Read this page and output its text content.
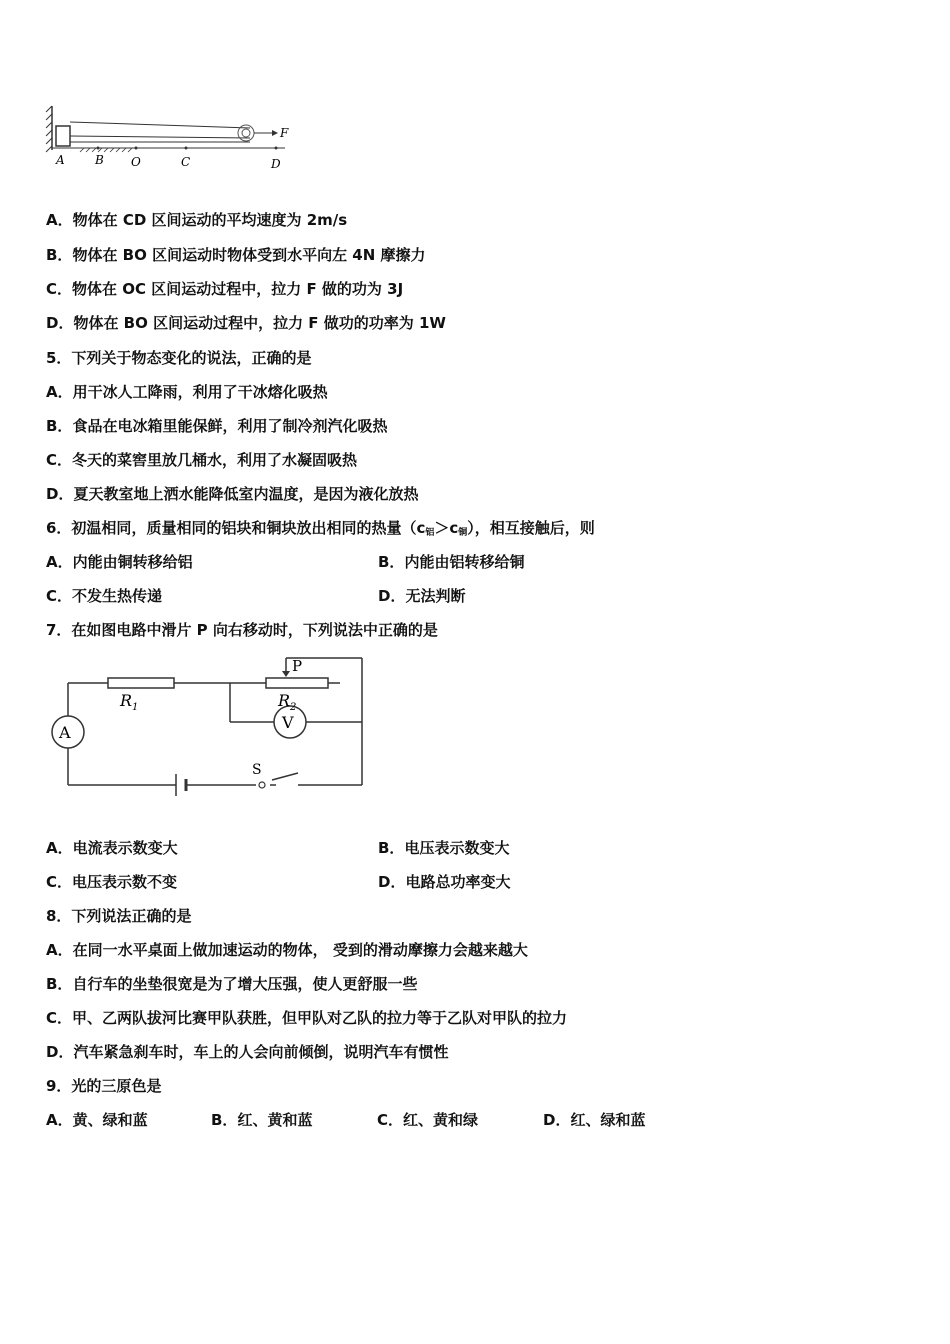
A	B O	C	D
F
A．物体在 CD 区间运动的平均速度为 2m/s
B．物体在 BO 区间运动时物体受到水平向左 4N 摩擦力
C．物体在 OC 区间运动过程中，拉力 F 做的功为 3J
D．物体在 BO 区间运动过程中，拉力 F 做功的功率为 1W
5．下列关于物态变化的说法，正确的是
A．用干冰人工降雨，利用了干冰熔化吸热
B．食品在电冰箱里能保鲜，利用了制冷剂汽化吸热
C．冬天的菜窖里放几桶水，利用了水凝固吸热
D．夏天教室地上洒水能降低室内温度，是因为液化放热
6．初温相同，质量相同的铝块和铜块放出相同的热量$(c_铝>c_铜)$，相互接触后，则
A．内能由铜转移给铝	B．内能由铝转移给铜
C．不发生热传递	D．无法判断
7．在如图电路中滑片 P 向右移动时，下列说法中正确的是
P
$R_1$	$R_2$
V
A
S
A．电流表示数变大	B．电压表示数变大
C．电压表示数不变	D．电路总功率变大
8．下列说法正确的是
A．在同一水平桌面上做加速运动的物体， 受到的滑动摩擦力会越来越大
B．自行车的坐垫很宽是为了增大压强，使人更舒服一些
C．甲、乙两队拔河比赛甲队获胜，但甲队对乙队的拉力等于乙队对甲队的拉力
D．汽车紧急刹车时，车上的人会向前倾倒，说明汽车有惯性
9．光的三原色是
A．黄、绿和蓝	B．红、黄和蓝	C．红、黄和绿	D．红、绿和蓝
